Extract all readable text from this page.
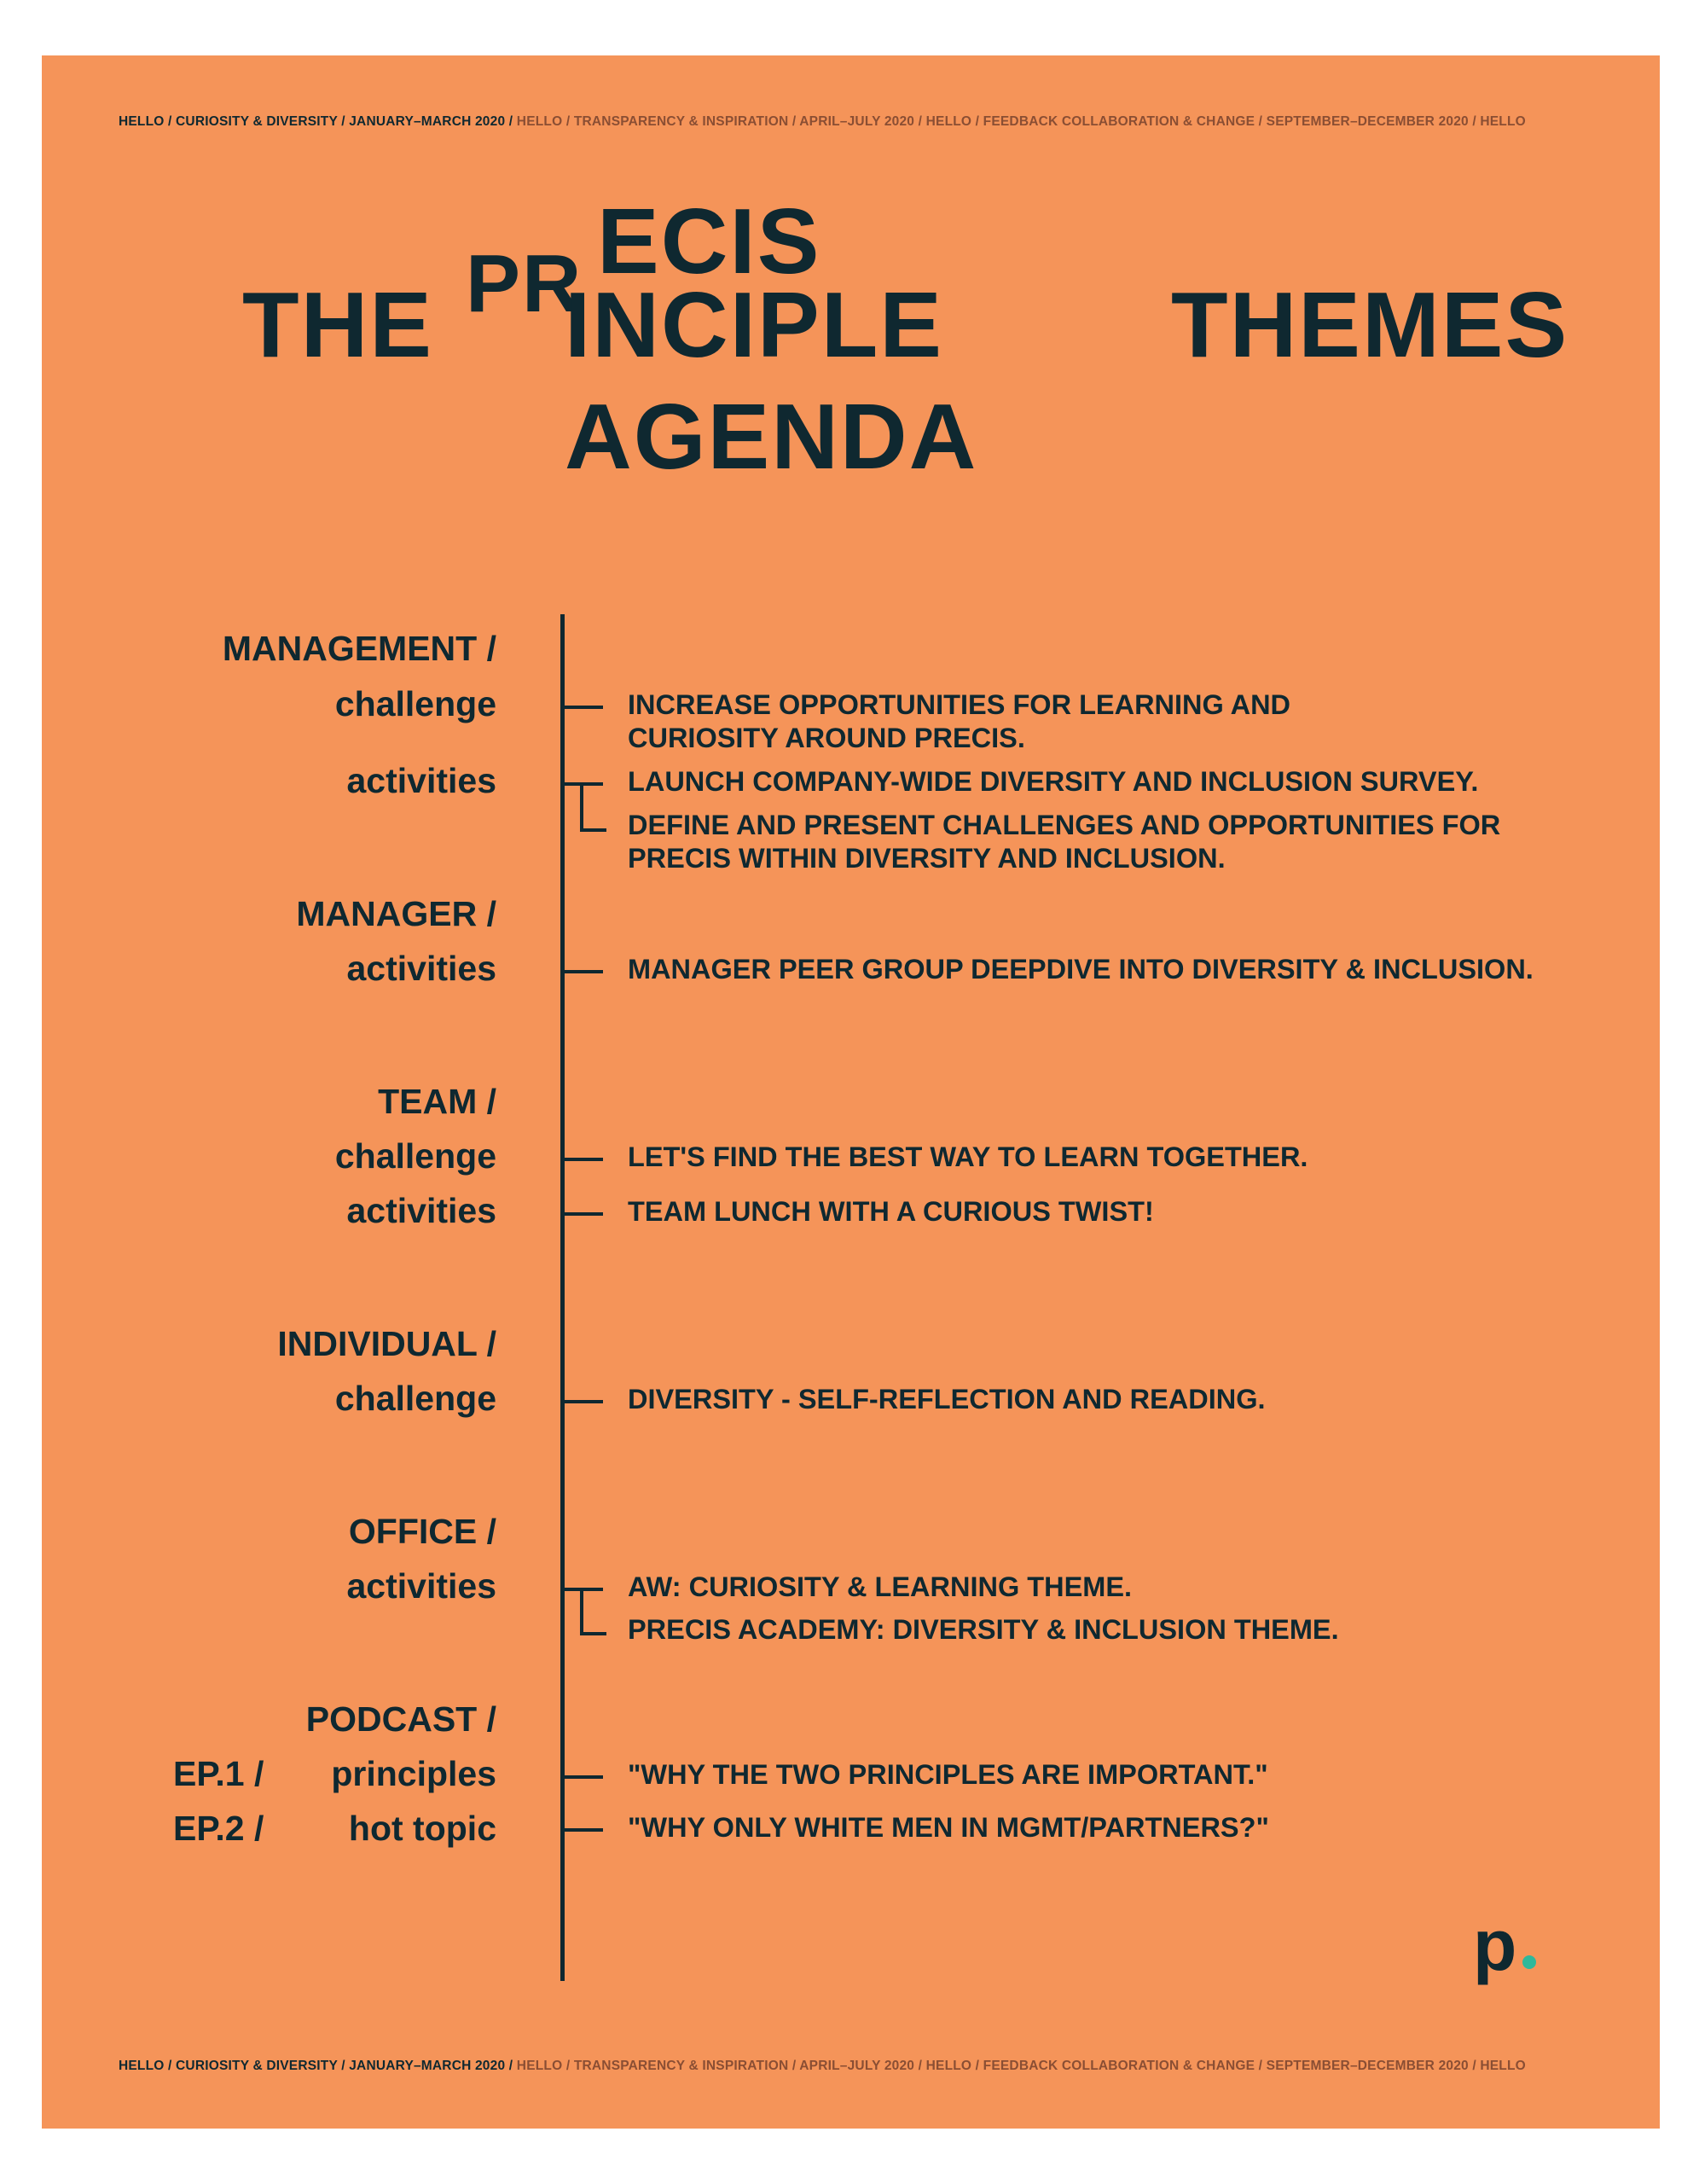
HELLO / CURIOSITY & DIVERSITY / JANUARY–MARCH 2020 / HELLO / TRANSPARENCY & INSPIRATION / APRIL–JULY 2020 / HELLO / FEEDBACK COLLABORATION & CHANGE / SEPTEMBER–DECEMBER 2020 / HELLO
THE PR ECIS
INCIPLE THEMES
AGENDA
MANAGEMENT /
challenge	INCREASE OPPORTUNITIES FOR LEARNING AND
CURIOSITY AROUND PRECIS.
activities	LAUNCH COMPANY-WIDE DIVERSITY AND INCLUSION SURVEY.
DEFINE AND PRESENT CHALLENGES AND OPPORTUNITIES FOR
PRECIS WITHIN DIVERSITY AND INCLUSION.
MANAGER /
activities	MANAGER PEER GROUP DEEPDIVE INTO DIVERSITY & INCLUSION.
TEAM /
challenge	LET'S FIND THE BEST WAY TO LEARN TOGETHER.
activities	TEAM LUNCH WITH A CURIOUS TWIST!
INDIVIDUAL /
challenge	DIVERSITY - SELF-REFLECTION AND READING.
OFFICE /
activities	AW: CURIOSITY & LEARNING THEME.
PRECIS ACADEMY: DIVERSITY & INCLUSION THEME.
PODCAST /
EP.1 / principles	"WHY THE TWO PRINCIPLES ARE IMPORTANT."
EP.2 / hot topic	"WHY ONLY WHITE MEN IN MGMT/PARTNERS?"
p
HELLO / CURIOSITY & DIVERSITY / JANUARY–MARCH 2020 / HELLO / TRANSPARENCY & INSPIRATION / APRIL–JULY 2020 / HELLO / FEEDBACK COLLABORATION & CHANGE / SEPTEMBER–DECEMBER 2020 / HELLO
